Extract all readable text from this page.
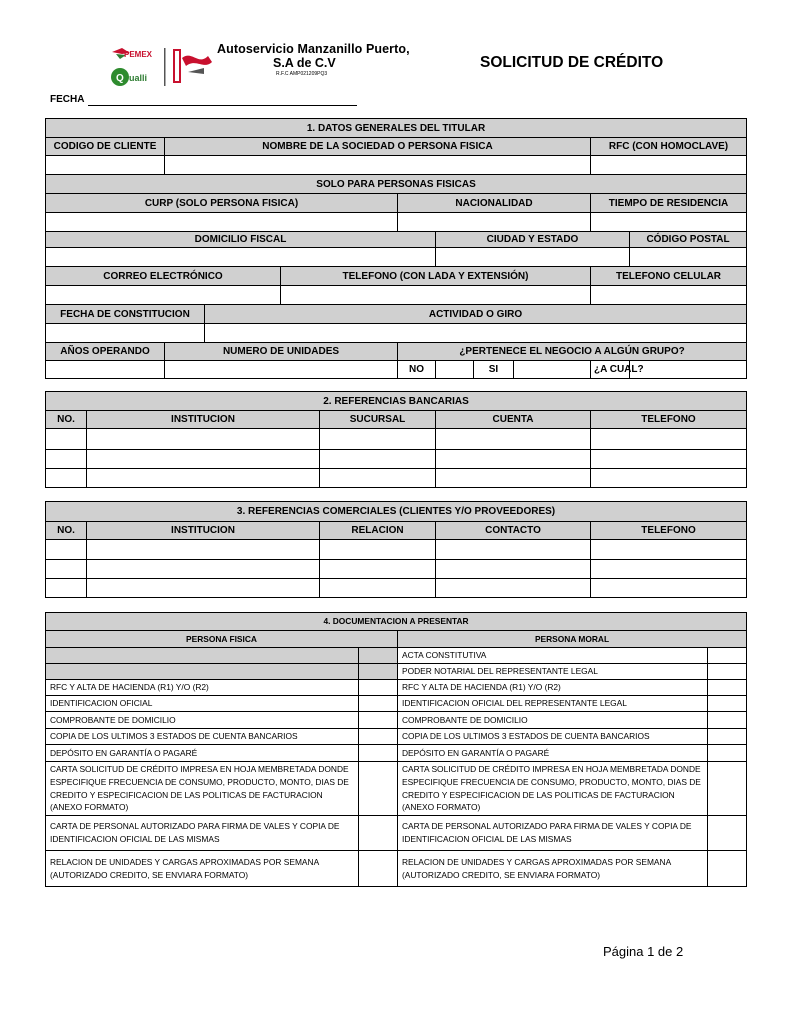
PEMEX
Q ualli
Autoservicio Manzanillo Puerto,
S.A de C.V
R.F.C AMP021209PQ3
SOLICITUD DE CRÉDITO
FECHA
1. DATOS GENERALES DEL TITULAR									
CODIGO DE CLIENTE	NOMBRE DE LA SOCIEDAD O PERSONA FISICA							RFC (CON HOMOCLAVE)	

SOLO PARA PERSONAS FISICAS									
CURP (SOLO PERSONA FISICA)				NACIONALIDAD				TIEMPO DE RESIDENCIA	

DOMICILIO FISCAL					CIUDAD Y ESTADO				CÓDIGO POSTAL

CORREO ELECTRÓNICO			TELEFONO (CON LADA Y EXTENSIÓN)					TELEFONO CELULAR	

FECHA DE CONSTITUCION		ACTIVIDAD O GIRO							

AÑOS OPERANDO	NUMERO DE UNIDADES			¿PERTENECE EL NEGOCIO A ALGÚN GRUPO?					
				NO		SI		¿A CUAL?	
2. REFERENCIAS BANCARIAS				
NO.	INSTITUCION	SUCURSAL	CUENTA	TELEFONO

3. REFERENCIAS COMERCIALES (CLIENTES Y/O PROVEEDORES)				
NO.	INSTITUCION	RELACION	CONTACTO	TELEFONO

4. DOCUMENTACION A PRESENTAR			
PERSONA FISICA		PERSONA MORAL	
		ACTA CONSTITUTIVA	
		PODER NOTARIAL DEL REPRESENTANTE LEGAL	
RFC Y ALTA DE HACIENDA (R1) Y/O (R2)		RFC Y ALTA DE HACIENDA (R1) Y/O (R2)	
IDENTIFICACION OFICIAL		IDENTIFICACION OFICIAL DEL REPRESENTANTE LEGAL	
COMPROBANTE DE DOMICILIO		COMPROBANTE DE DOMICILIO	
COPIA DE LOS ULTIMOS 3 ESTADOS DE CUENTA BANCARIOS		COPIA DE LOS ULTIMOS 3 ESTADOS DE CUENTA BANCARIOS	
DEPÓSITO EN GARANTÍA O PAGARÉ		DEPÓSITO EN GARANTÍA O PAGARÉ	
CARTA SOLICITUD DE CRÉDITO IMPRESA EN HOJA MEMBRETADA DONDE ESPECIFIQUE FRECUENCIA DE CONSUMO, PRODUCTO, MONTO, DIAS DE CREDITO Y ESPECIFICACION DE LAS POLITICAS DE FACTURACION (ANEXO FORMATO)		CARTA SOLICITUD DE CRÉDITO IMPRESA EN HOJA MEMBRETADA DONDE ESPECIFIQUE FRECUENCIA DE CONSUMO, PRODUCTO, MONTO, DIAS DE CREDITO Y ESPECIFICACION DE LAS POLITICAS DE FACTURACION (ANEXO FORMATO)	
CARTA DE PERSONAL AUTORIZADO PARA FIRMA DE VALES Y COPIA DE IDENTIFICACION OFICIAL DE LAS MISMAS		CARTA DE PERSONAL AUTORIZADO PARA FIRMA DE VALES Y COPIA DE IDENTIFICACION OFICIAL DE LAS MISMAS	
RELACION DE UNIDADES Y CARGAS APROXIMADAS POR SEMANA (AUTORIZADO CREDITO, SE ENVIARA FORMATO)		RELACION DE UNIDADES Y CARGAS APROXIMADAS POR SEMANA (AUTORIZADO CREDITO, SE ENVIARA FORMATO)	
Página 1 de 2
